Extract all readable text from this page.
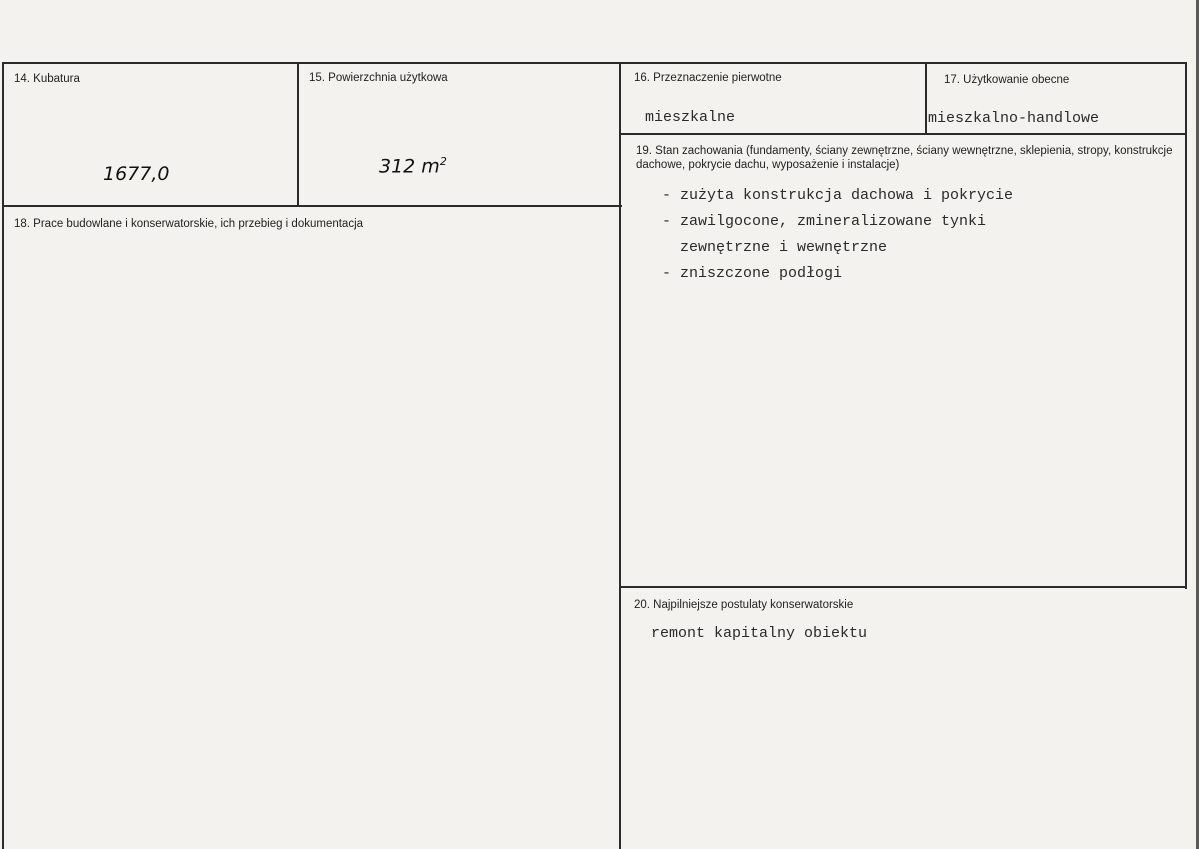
14. Kubatura
1677,0
15. Powierzchnia użytkowa
312 $m^2$
16. Przeznaczenie pierwotne
mieszkalne
17. Użytkowanie obecne
mieszkalno-handlowe
18. Prace budowlane i konserwatorskie, ich przebieg i dokumentacja
19. Stan zachowania (fundamenty, ściany zewnętrzne, ściany wewnętrzne, sklepienia, stropy, konstrukcje dachowe, pokrycie dachu, wyposażenie i instalacje)
- zużyta konstrukcja dachowa i pokrycie
- zawilgocone, zmineralizowane tynki
zewnętrzne i wewnętrzne
- zniszczone podłogi
20. Najpilniejsze postulaty konserwatorskie
remont kapitalny obiektu
